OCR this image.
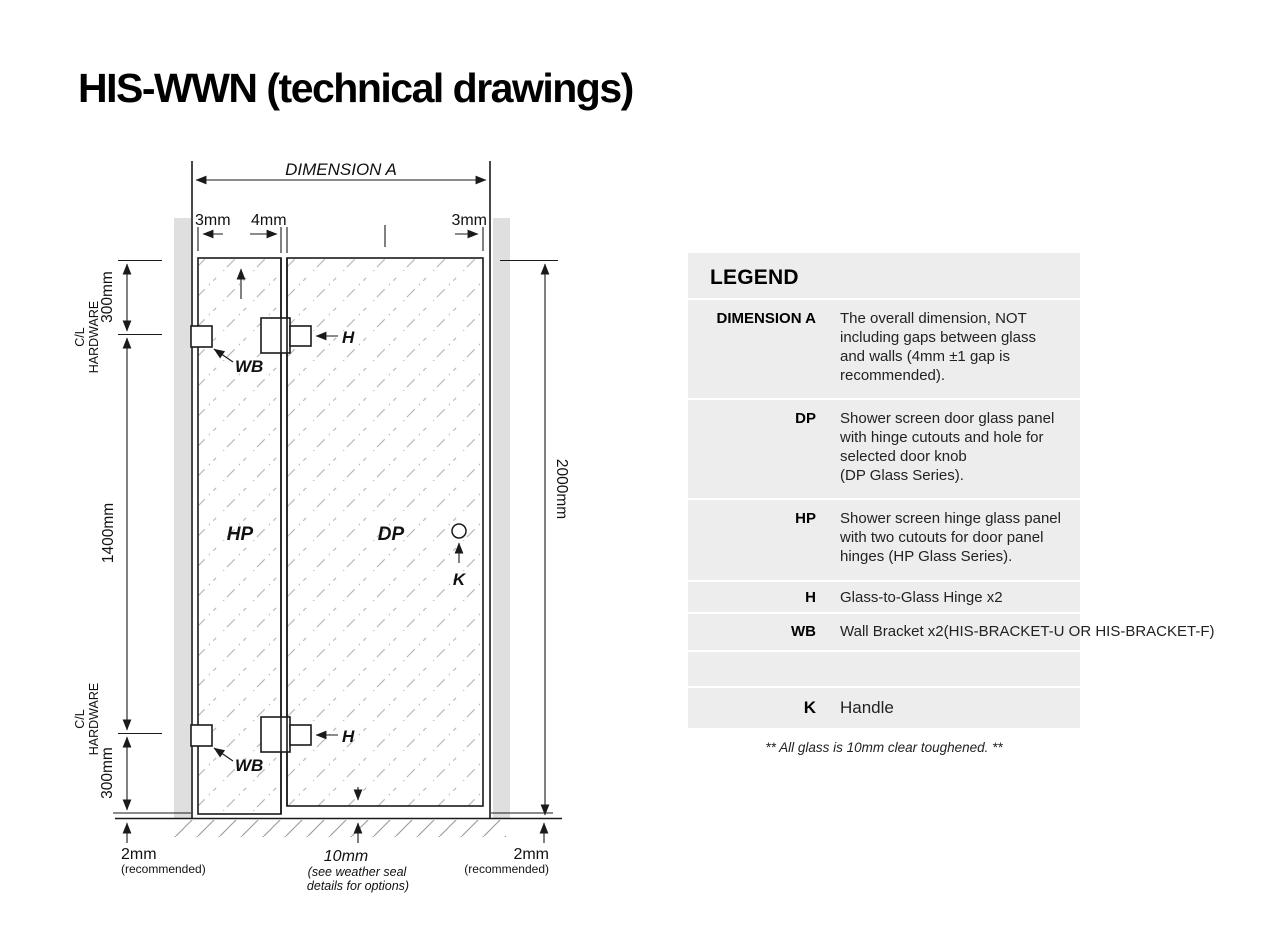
HIS-WWN (technical drawings)
DIMENSION A
3mm 4mm	3mm
300mm
C/L HARDWARE
1400mm
C/L HARDWARE
300mm
2000mm
HP	DP
H
H
WB
WB
K
2mm
(recommended)
10mm
(see weather seal
details for options)
2mm
(recommended)
LEGEND
DIMENSION A The overall dimension, NOT
including gaps between glass
and walls (4mm ±1 gap is
recommended).
DP Shower screen door glass panel
with hinge cutouts and hole for
selected door knob
(DP Glass Series).
HP Shower screen hinge glass panel
with two cutouts for door panel
hinges (HP Glass Series).
H Glass-to-Glass Hinge x2
WB Wall Bracket x2(HIS-BRACKET-U OR HIS-BRACKET-F)
K Handle
** All glass is 10mm clear toughened. **
